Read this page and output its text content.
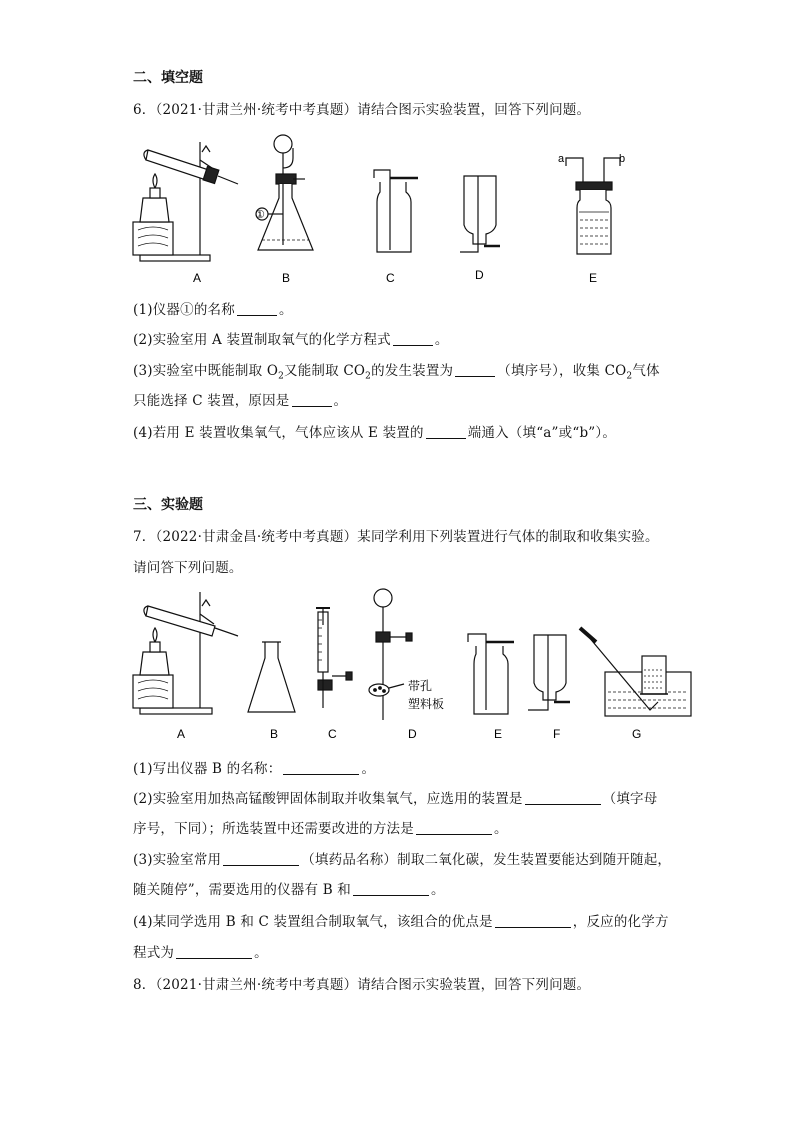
二、填空题
6．（2021·甘肃兰州·统考中考真题）请结合图示实验装置，回答下列问题。
a	b
①
A	B	C	D	E
(1)仪器①的名称	。
(2)实验室用 A 装置制取氧气的化学方程式	。
(3)实验室中既能制取 $O_2$又能制取 $CO_2$的发生装置为	（填序号），收集 $CO_2$气体
只能选择 C 装置，原因是	。
(4)若用 E 装置收集氧气，气体应该从 E 装置的	端通入（填“a”或“b”）。
三、实验题
7．（2022·甘肃金昌·统考中考真题）某同学利用下列装置进行气体的制取和收集实验。
请问答下列问题。
带孔
塑料板
A	B	C	D	E	F	G
(1)写出仪器 B 的名称：	。
(2)实验室用加热高锰酸钾固体制取并收集氧气，应选用的装置是	（填字母
序号，下同）；所选装置中还需要改进的方法是	。
(3)实验室常用	（填药品名称）制取二氧化碳，发生装置要能达到随开随起，
随关随停”，需要选用的仪器有 B 和	。
(4)某同学选用 B 和 C 装置组合制取氧气，该组合的优点是	，反应的化学方
程式为	。
8．（2021·甘肃兰州·统考中考真题）请结合图示实验装置，回答下列问题。
